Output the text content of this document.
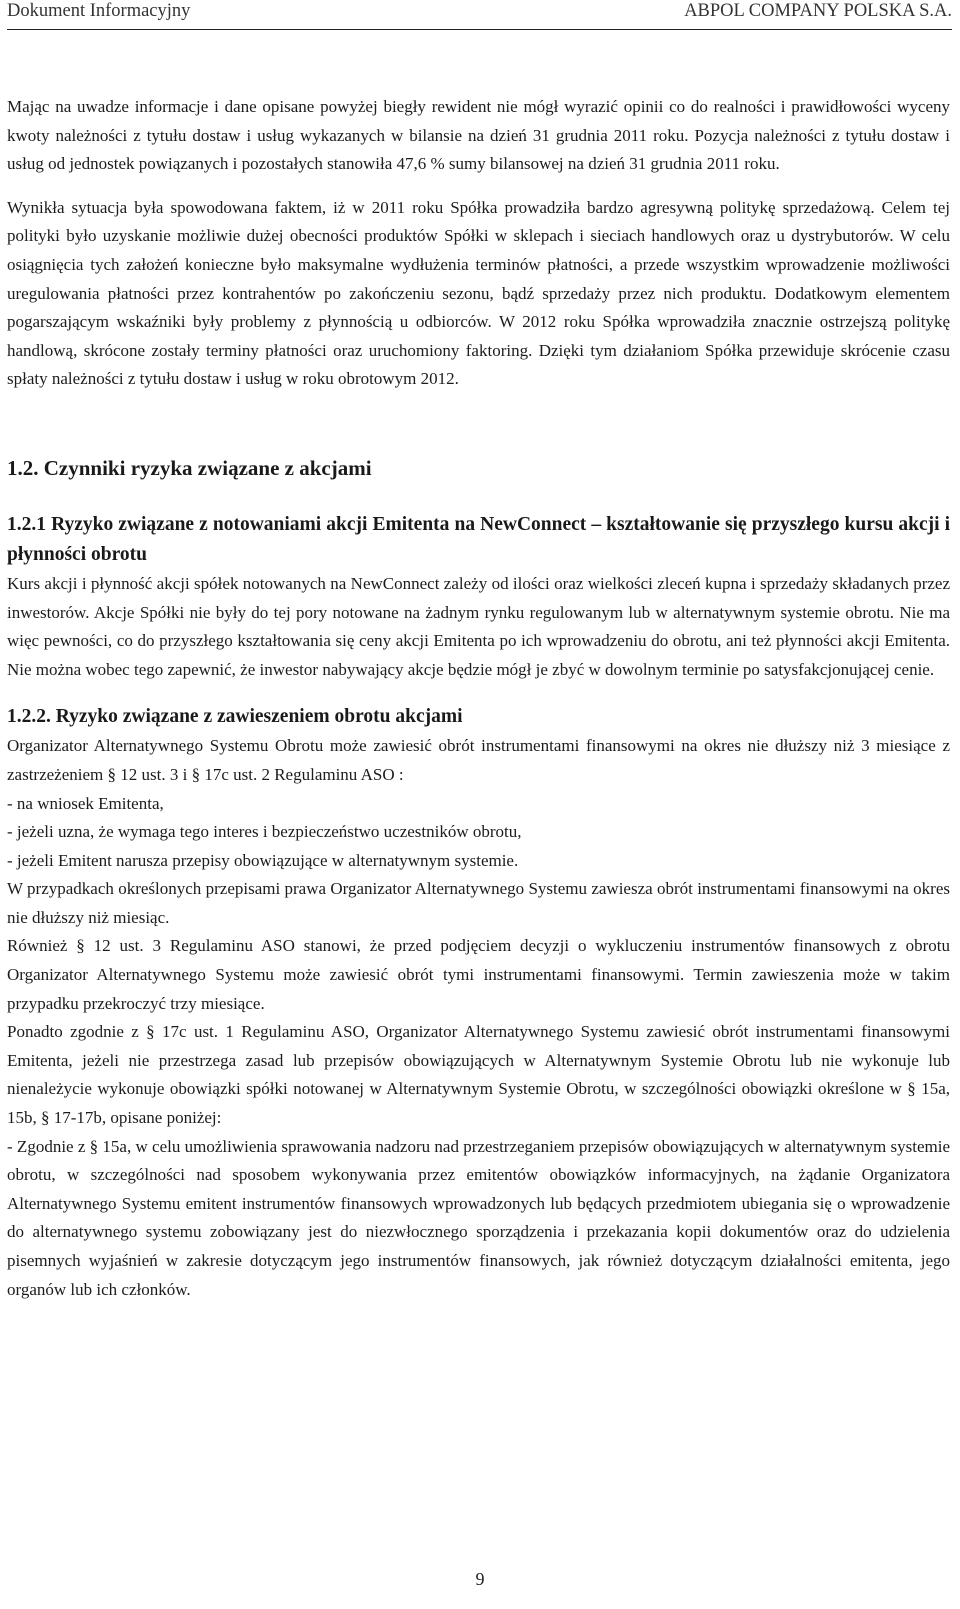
Dokument Informacyjny	ABPOL COMPANY POLSKA S.A.

Mając na uwadze informacje i dane opisane powyżej biegły rewident nie mógł wyrazić opinii co do realności i prawidłowości wyceny kwoty należności z tytułu dostaw i usług wykazanych w bilansie na dzień 31 grudnia 2011 roku. Pozycja należności z tytułu dostaw i usług od jednostek powiązanych i pozostałych stanowiła 47,6 % sumy bilansowej na dzień 31 grudnia 2011 roku.

Wynikła sytuacja była spowodowana faktem, iż w 2011 roku Spółka prowadziła bardzo agresywną politykę sprzedażową. Celem tej polityki było uzyskanie możliwie dużej obecności produktów Spółki w sklepach i sieciach handlowych oraz u dystrybutorów. W celu osiągnięcia tych założeń konieczne było maksymalne wydłużenia terminów płatności, a przede wszystkim wprowadzenie możliwości uregulowania płatności przez kontrahentów po zakończeniu sezonu, bądź sprzedaży przez nich produktu. Dodatkowym elementem pogarszającym wskaźniki były problemy z płynnością u odbiorców. W 2012 roku Spółka wprowadziła znacznie ostrzejszą politykę handlową, skrócone zostały terminy płatności oraz uruchomiony faktoring. Dzięki tym działaniom Spółka przewiduje skrócenie czasu spłaty należności z tytułu dostaw i usług w roku obrotowym 2012.

1.2. Czynniki ryzyka związane z akcjami
1.2.1 Ryzyko związane z notowaniami akcji Emitenta na NewConnect – kształtowanie się przyszłego kursu akcji i płynności obrotu

Kurs akcji i płynność akcji spółek notowanych na NewConnect zależy od ilości oraz wielkości zleceń kupna i sprzedaży składanych przez inwestorów. Akcje Spółki nie były do tej pory notowane na żadnym rynku regulowanym lub w alternatywnym systemie obrotu. Nie ma więc pewności, co do przyszłego kształtowania się ceny akcji Emitenta po ich wprowadzeniu do obrotu, ani też płynności akcji Emitenta. Nie można wobec tego zapewnić, że inwestor nabywający akcje będzie mógł je zbyć w dowolnym terminie po satysfakcjonującej cenie.

1.2.2. Ryzyko związane z zawieszeniem obrotu akcjami

Organizator Alternatywnego Systemu Obrotu może zawiesić obrót instrumentami finansowymi na okres nie dłuższy niż 3 miesiące z zastrzeżeniem § 12 ust. 3 i § 17c ust. 2 Regulaminu ASO :

- na wniosek Emitenta,

- jeżeli uzna, że wymaga tego interes i bezpieczeństwo uczestników obrotu,

- jeżeli Emitent narusza przepisy obowiązujące w alternatywnym systemie.

W przypadkach określonych przepisami prawa Organizator Alternatywnego Systemu zawiesza obrót instrumentami finansowymi na okres nie dłuższy niż miesiąc.

Również § 12 ust. 3 Regulaminu ASO stanowi, że przed podjęciem decyzji o wykluczeniu instrumentów finansowych z obrotu Organizator Alternatywnego Systemu może zawiesić obrót tymi instrumentami finansowymi. Termin zawieszenia może w takim przypadku przekroczyć trzy miesiące.

Ponadto zgodnie z § 17c ust. 1 Regulaminu ASO, Organizator Alternatywnego Systemu zawiesić obrót instrumentami finansowymi Emitenta, jeżeli nie przestrzega zasad lub przepisów obowiązujących w Alternatywnym Systemie Obrotu lub nie wykonuje lub nienależycie wykonuje obowiązki spółki notowanej w Alternatywnym Systemie Obrotu, w szczególności obowiązki określone w § 15a, 15b, § 17-17b, opisane poniżej:

- Zgodnie z § 15a, w celu umożliwienia sprawowania nadzoru nad przestrzeganiem przepisów obowiązujących w alternatywnym systemie obrotu, w szczególności nad sposobem wykonywania przez emitentów obowiązków informacyjnych, na żądanie Organizatora Alternatywnego Systemu emitent instrumentów finansowych wprowadzonych lub będących przedmiotem ubiegania się o wprowadzenie do alternatywnego systemu zobowiązany jest do niezwłocznego sporządzenia i przekazania kopii dokumentów oraz do udzielenia pisemnych wyjaśnień w zakresie dotyczącym jego instrumentów finansowych, jak również dotyczącym działalności emitenta, jego organów lub ich członków.

9
